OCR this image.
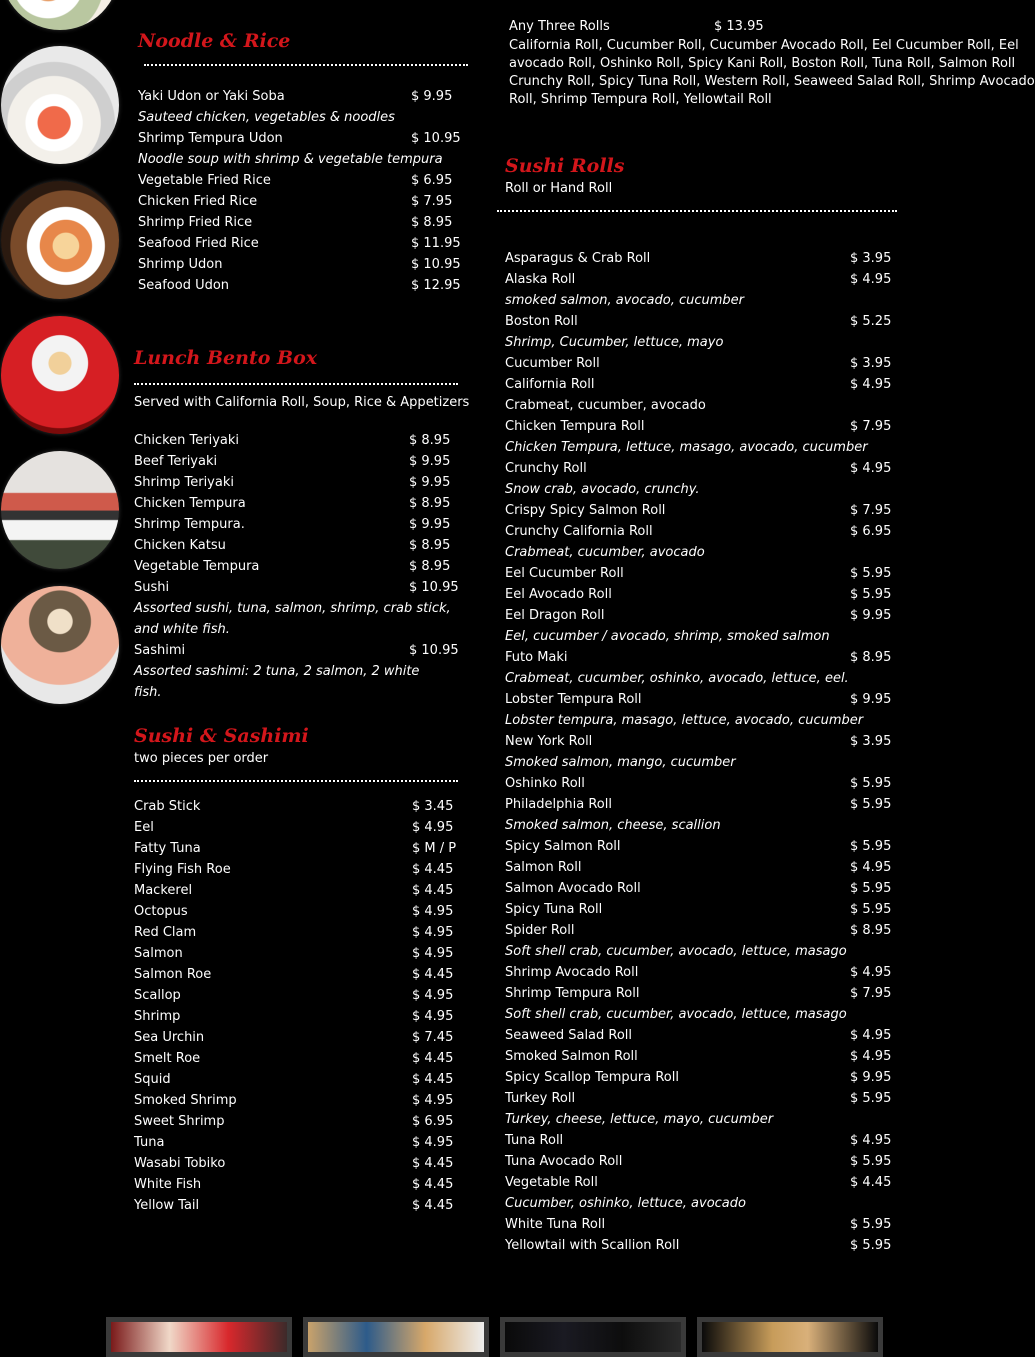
Noodle & Rice
Yaki Udon or Yaki Soba	$ 9.95
Sauteed chicken, vegetables & noodles
Shrimp Tempura Udon	$ 10.95
Noodle soup with shrimp & vegetable tempura
Vegetable Fried Rice	$ 6.95
Chicken Fried Rice	$ 7.95
Shrimp Fried Rice	$ 8.95
Seafood Fried Rice	$ 11.95
Shrimp Udon	$ 10.95
Seafood Udon	$ 12.95
Lunch Bento Box
Served with California Roll, Soup, Rice & Appetizers
Chicken Teriyaki	$ 8.95
Beef Teriyaki	$ 9.95
Shrimp Teriyaki	$ 9.95
Chicken Tempura	$ 8.95
Shrimp Tempura.	$ 9.95
Chicken Katsu	$ 8.95
Vegetable Tempura	$ 8.95
Sushi	$ 10.95
Assorted sushi, tuna, salmon, shrimp, crab stick,
and white fish.
Sashimi	$ 10.95
Assorted sashimi: 2 tuna, 2 salmon, 2 white
fish.
Sushi & Sashimi
two pieces per order
Crab Stick	$ 3.45
Eel	$ 4.95
Fatty Tuna	$ M / P
Flying Fish Roe	$ 4.45
Mackerel	$ 4.45
Octopus	$ 4.95
Red Clam	$ 4.95
Salmon	$ 4.95
Salmon Roe	$ 4.45
Scallop	$ 4.95
Shrimp	$ 4.95
Sea Urchin	$ 7.45
Smelt Roe	$ 4.45
Squid	$ 4.45
Smoked Shrimp	$ 4.95
Sweet Shrimp	$ 6.95
Tuna	$ 4.95
Wasabi Tobiko	$ 4.45
White Fish	$ 4.45
Yellow Tail	$ 4.45
Any Three Rolls	$ 13.95
California Roll, Cucumber Roll, Cucumber Avocado Roll, Eel Cucumber Roll, Eel
avocado Roll, Oshinko Roll, Spicy Kani Roll, Boston Roll, Tuna Roll, Salmon Roll
Crunchy Roll, Spicy Tuna Roll, Western Roll, Seaweed Salad Roll, Shrimp Avocado
Roll, Shrimp Tempura Roll, Yellowtail Roll
Sushi Rolls
Roll or Hand Roll
Asparagus & Crab Roll	$ 3.95
Alaska Roll	$ 4.95
smoked salmon, avocado, cucumber
Boston Roll	$ 5.25
Shrimp, Cucumber, lettuce, mayo
Cucumber Roll	$ 3.95
California Roll	$ 4.95
Crabmeat, cucumber, avocado
Chicken Tempura Roll	$ 7.95
Chicken Tempura, lettuce, masago, avocado, cucumber
Crunchy Roll	$ 4.95
Snow crab, avocado, crunchy.
Crispy Spicy Salmon Roll	$ 7.95
Crunchy California Roll	$ 6.95
Crabmeat, cucumber, avocado
Eel Cucumber Roll	$ 5.95
Eel Avocado Roll	$ 5.95
Eel Dragon Roll	$ 9.95
Eel, cucumber / avocado, shrimp, smoked salmon
Futo Maki	$ 8.95
Crabmeat, cucumber, oshinko, avocado, lettuce, eel.
Lobster Tempura Roll	$ 9.95
Lobster tempura, masago, lettuce, avocado, cucumber
New York Roll	$ 3.95
Smoked salmon, mango, cucumber
Oshinko Roll	$ 5.95
Philadelphia Roll	$ 5.95
Smoked salmon, cheese, scallion
Spicy Salmon Roll	$ 5.95
Salmon Roll	$ 4.95
Salmon Avocado Roll	$ 5.95
Spicy Tuna Roll	$ 5.95
Spider Roll	$ 8.95
Soft shell crab, cucumber, avocado, lettuce, masago
Shrimp Avocado Roll	$ 4.95
Shrimp Tempura Roll	$ 7.95
Soft shell crab, cucumber, avocado, lettuce, masago
Seaweed Salad Roll	$ 4.95
Smoked Salmon Roll	$ 4.95
Spicy Scallop Tempura Roll	$ 9.95
Turkey Roll	$ 5.95
Turkey, cheese, lettuce, mayo, cucumber
Tuna Roll	$ 4.95
Tuna Avocado Roll	$ 5.95
Vegetable Roll	$ 4.45
Cucumber, oshinko, lettuce, avocado
White Tuna Roll	$ 5.95
Yellowtail with Scallion Roll	$ 5.95
